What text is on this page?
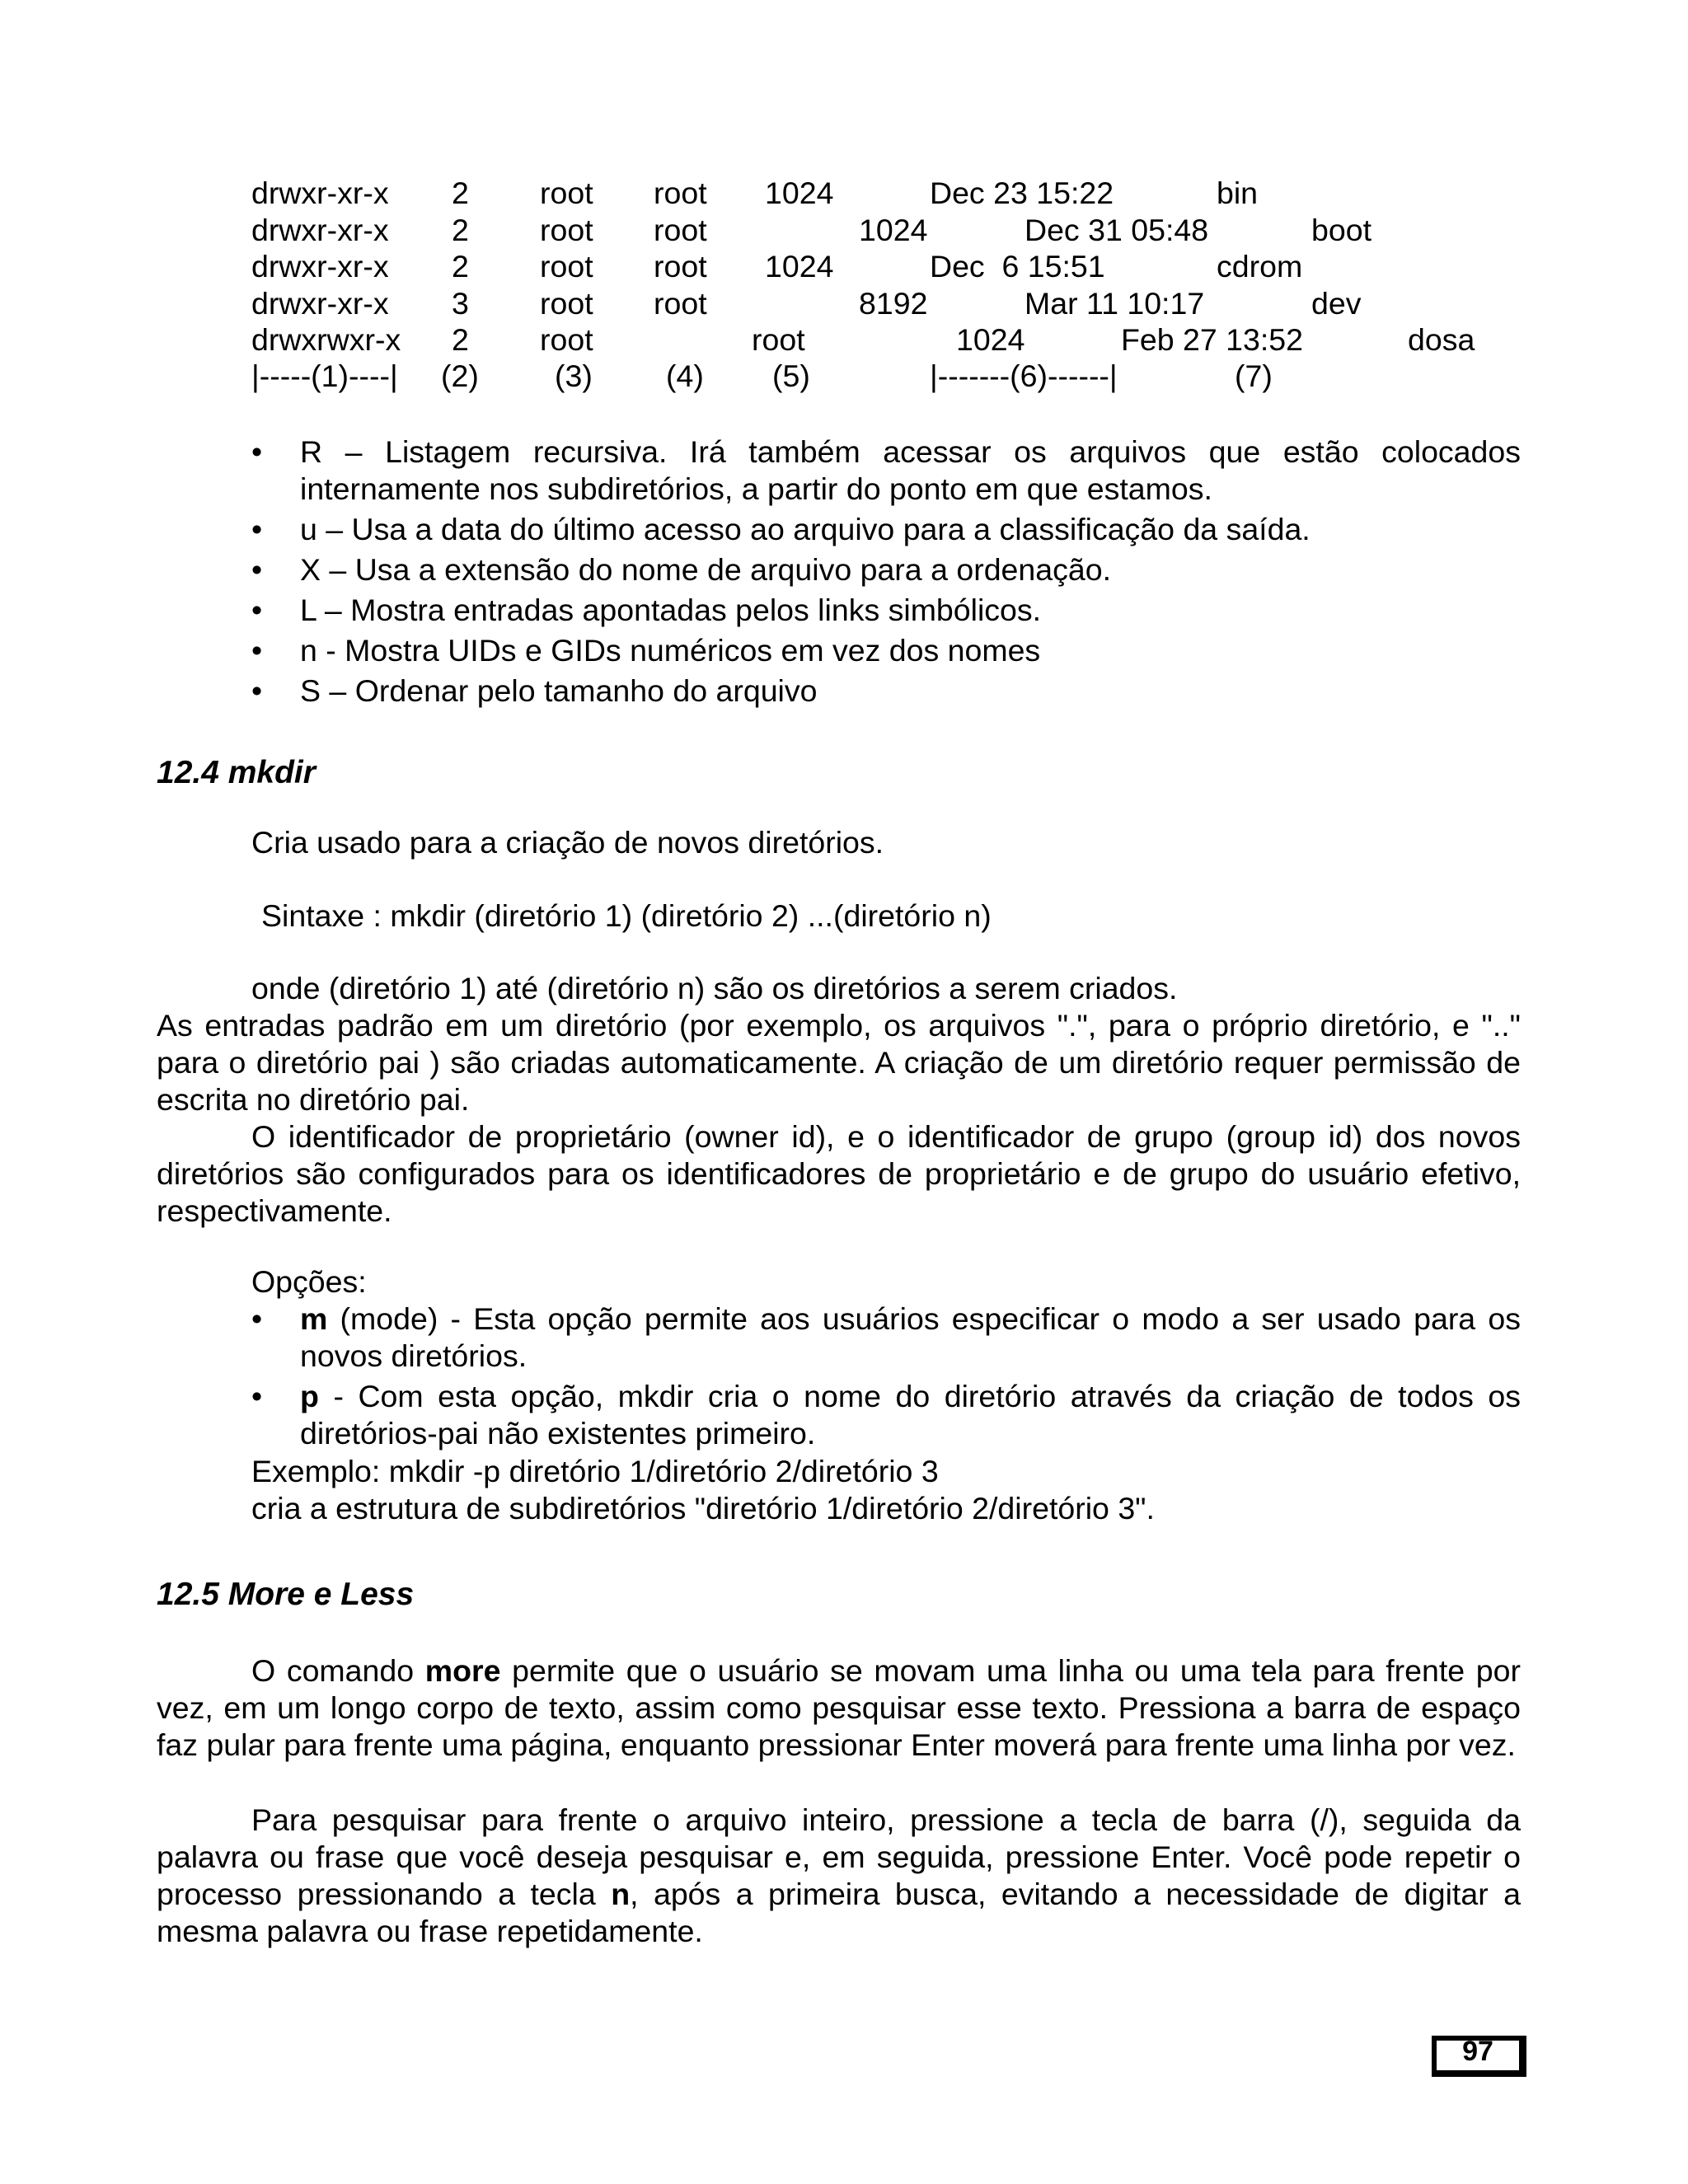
drwxr-xr-x 2 root root 1024	Dec 23 15:22	bin
drwxr-xr-x 2 root root	1024	Dec 31 05:48	boot
drwxr-xr-x 2 root root 1024	Dec  6 15:51	cdrom
drwxr-xr-x 3 root root	8192	Mar 11 10:17	dev
drwxrwxr-x 2 root	root	1024	Feb 27 13:52	dosa
|-----(1)----| (2) (3) (4) (5)	|-------(6)------|	(7)
• R – Listagem recursiva. Irá também acessar os arquivos que estão colocados internamente nos subdiretórios, a partir do ponto em que estamos.
• u – Usa a data do último acesso ao arquivo para a classificação da saída.
• X – Usa a extensão do nome de arquivo para a ordenação.
• L – Mostra entradas apontadas pelos links simbólicos.
• n - Mostra UIDs e GIDs numéricos em vez dos nomes
• S – Ordenar pelo tamanho do arquivo
12.4 mkdir
Cria usado para a criação de novos diretórios.
Sintaxe : mkdir (diretório 1) (diretório 2) ...(diretório n)
onde (diretório 1) até (diretório n) são os diretórios a serem criados.
As entradas padrão em um diretório (por exemplo, os arquivos ".", para o próprio diretório, e ".." para o diretório pai ) são criadas automaticamente. A criação de um diretório requer permissão de escrita no diretório pai.

O identificador de proprietário (owner id), e o identificador de grupo (group id) dos novos diretórios são configurados para os identificadores de proprietário e de grupo do usuário efetivo, respectivamente.

Opções:
• m (mode) - Esta opção permite aos usuários especificar o modo a ser usado para os novos diretórios.
• p - Com esta opção, mkdir cria o nome do diretório através da criação de todos os diretórios-pai não existentes primeiro.
Exemplo: mkdir -p diretório 1/diretório 2/diretório 3
cria a estrutura de subdiretórios "diretório 1/diretório 2/diretório 3".
12.5 More e Less

O comando more permite que o usuário se movam uma linha ou uma tela para frente por vez, em um longo corpo de texto, assim como pesquisar esse texto. Pressiona a barra de espaço faz pular para frente uma página, enquanto pressionar Enter moverá para frente uma linha por vez.

Para pesquisar para frente o arquivo inteiro, pressione a tecla de barra (/), seguida da palavra ou frase que você deseja pesquisar e, em seguida, pressione Enter. Você pode repetir o processo pressionando a tecla n, após a primeira busca, evitando a necessidade de digitar a mesma palavra ou frase repetidamente.

97
